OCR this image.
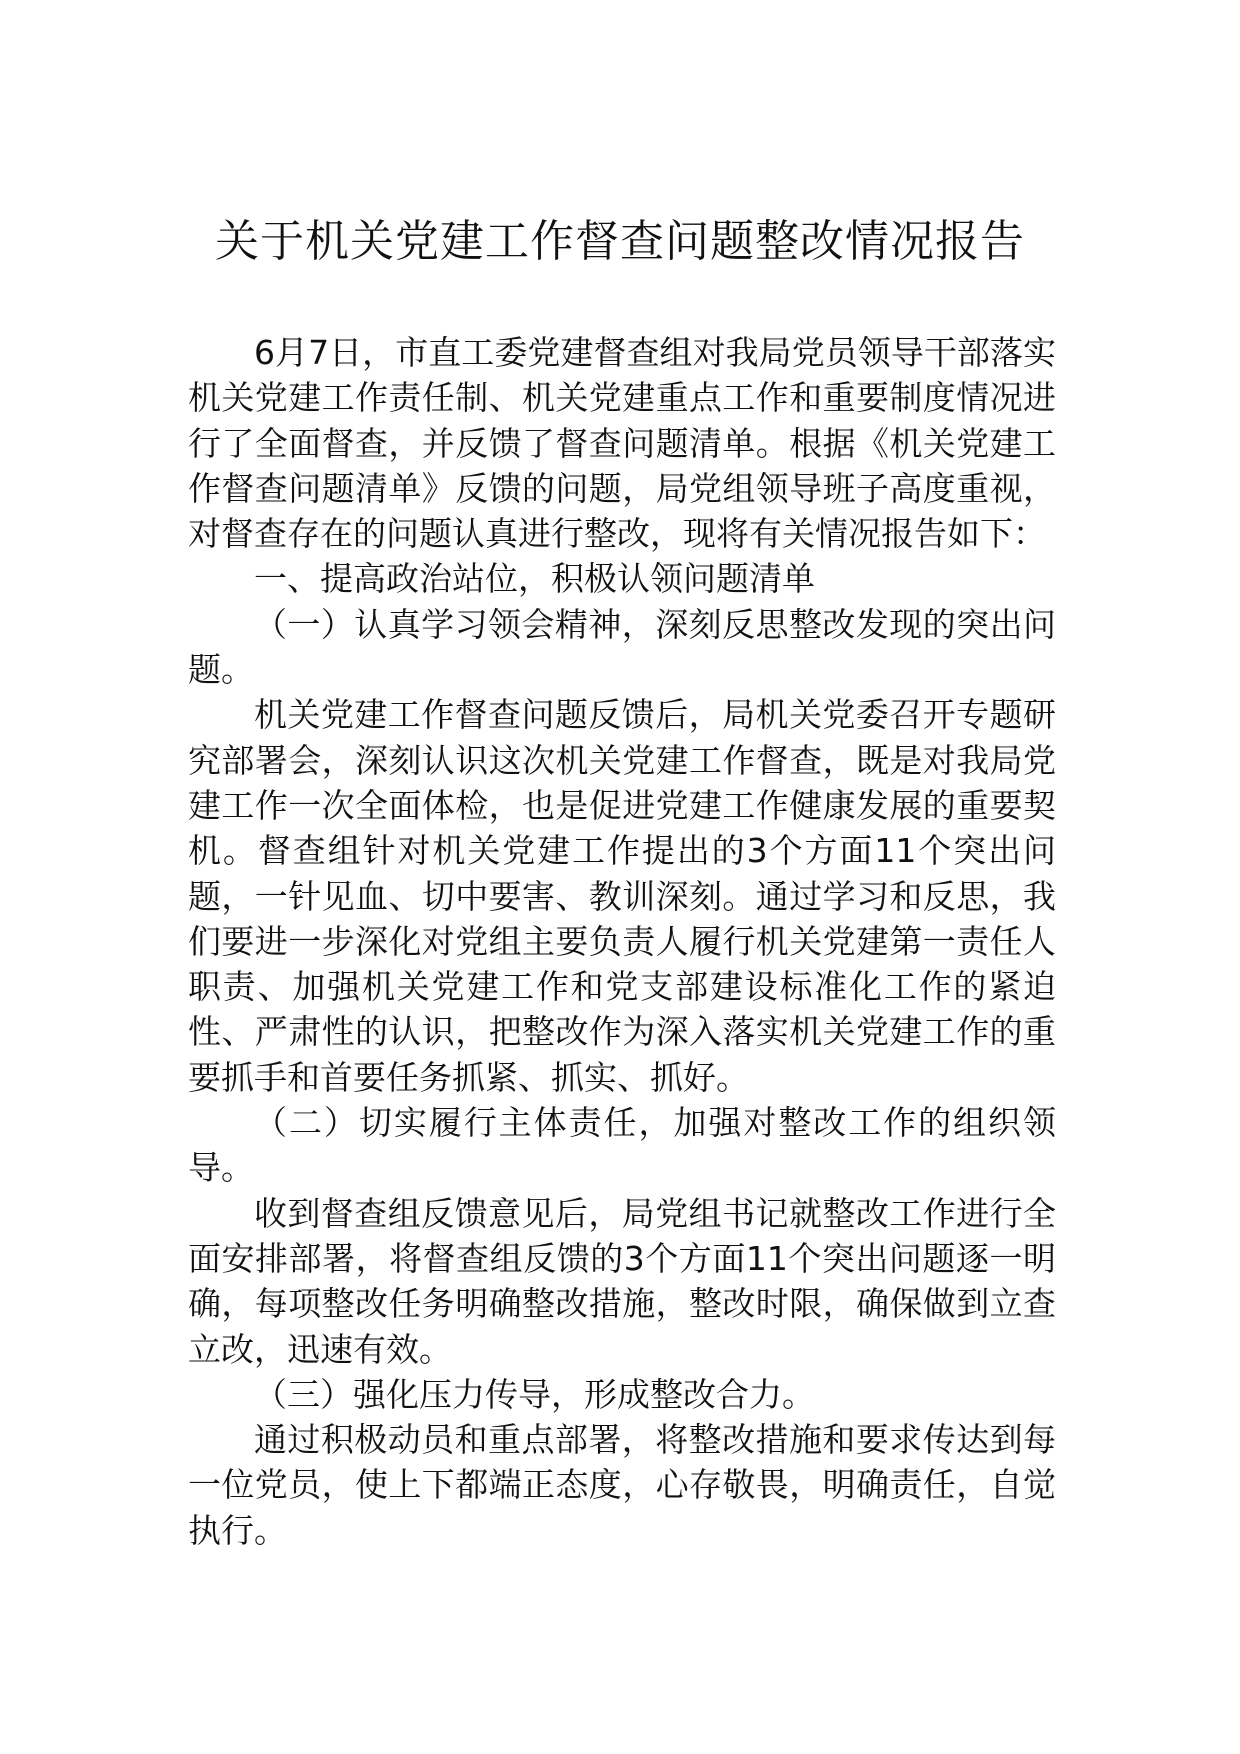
关于机关党建工作督查问题整改情况报告

6月7日，市直工委党建督查组对我局党员领导干部落实机关党建工作责任制、机关党建重点工作和重要制度情况进行了全面督查，并反馈了督查问题清单。根据《机关党建工作督查问题清单》反馈的问题，局党组领导班子高度重视，对督查存在的问题认真进行整改，现将有关情况报告如下：

一、提高政治站位，积极认领问题清单

（一）认真学习领会精神，深刻反思整改发现的突出问题。

机关党建工作督查问题反馈后，局机关党委召开专题研究部署会，深刻认识这次机关党建工作督查，既是对我局党建工作一次全面体检，也是促进党建工作健康发展的重要契机。督查组针对机关党建工作提出的3个方面11个突出问题，一针见血、切中要害、教训深刻。通过学习和反思，我们要进一步深化对党组主要负责人履行机关党建第一责任人职责、加强机关党建工作和党支部建设标准化工作的紧迫性、严肃性的认识，把整改作为深入落实机关党建工作的重要抓手和首要任务抓紧、抓实、抓好。

（二）切实履行主体责任，加强对整改工作的组织领导。

收到督查组反馈意见后，局党组书记就整改工作进行全面安排部署，将督查组反馈的3个方面11个突出问题逐一明确，每项整改任务明确整改措施，整改时限，确保做到立查立改，迅速有效。

（三）强化压力传导，形成整改合力。

通过积极动员和重点部署，将整改措施和要求传达到每一位党员，使上下都端正态度，心存敬畏，明确责任，自觉执行。
